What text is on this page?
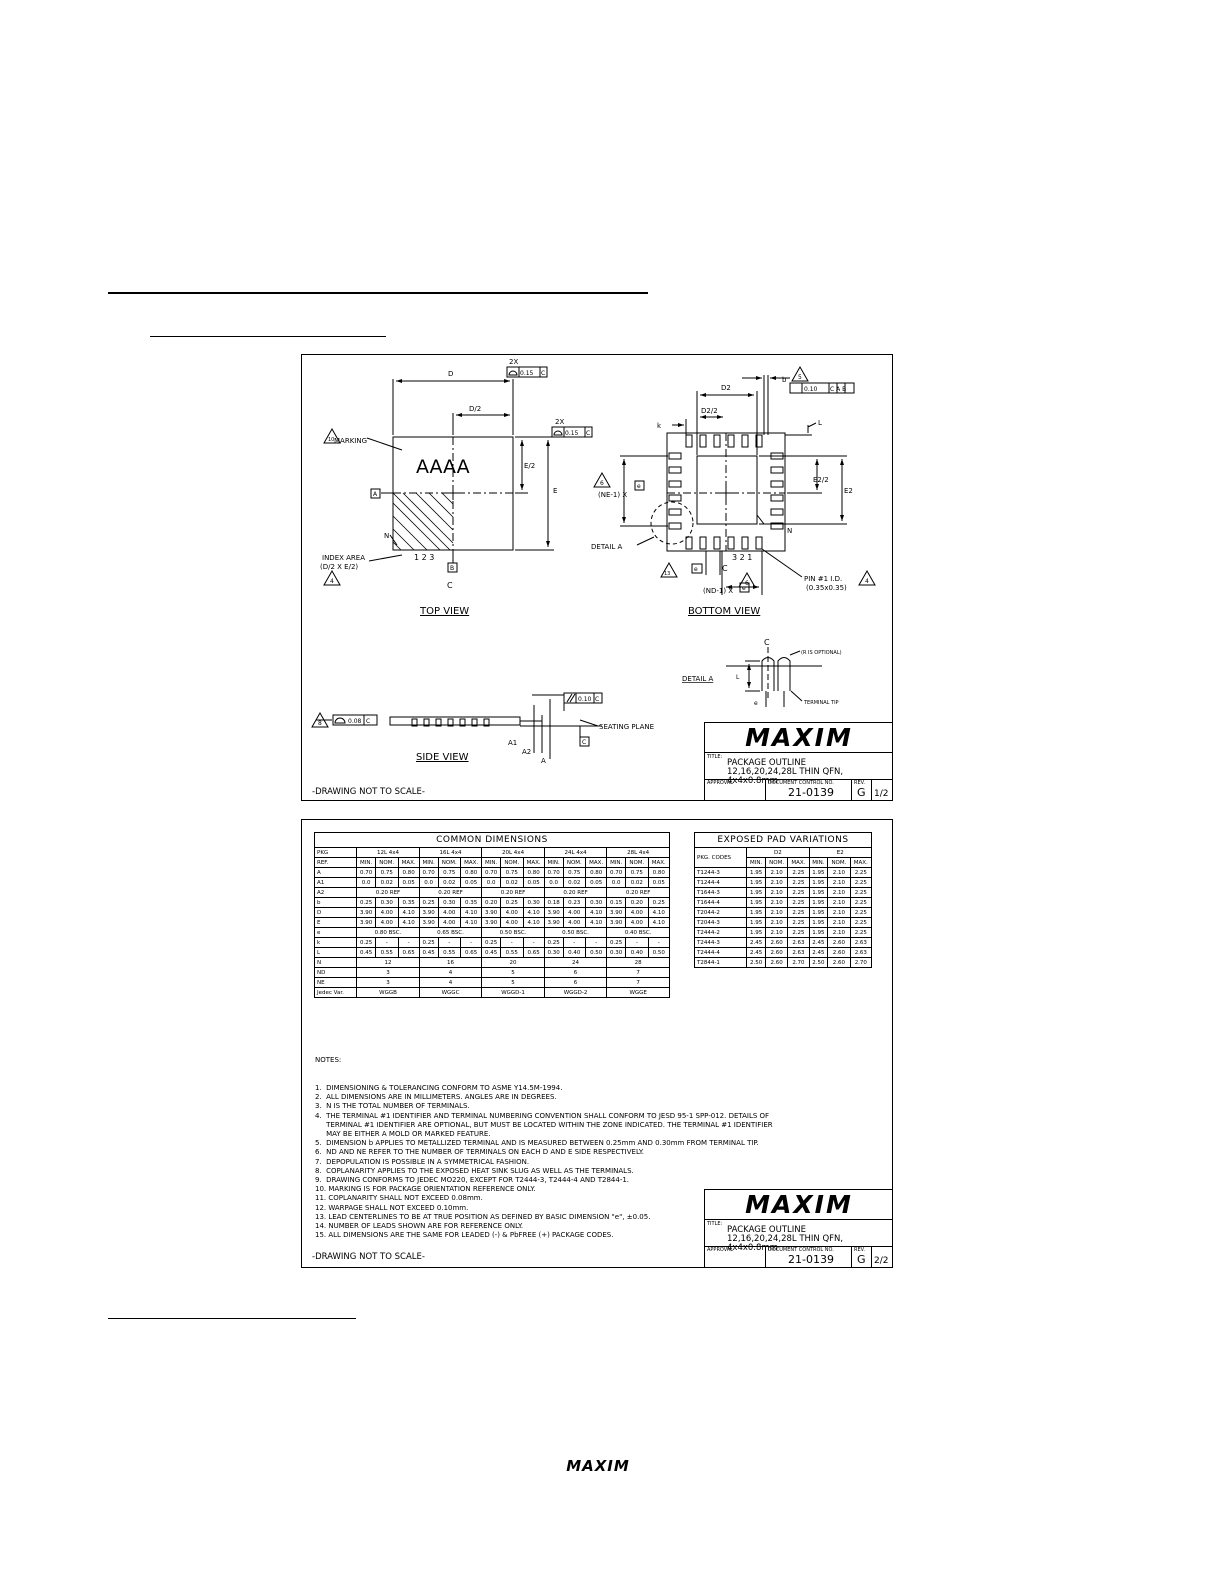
D
D/2
E
E/2
MARKING
AAAA
INDEX AREA
(D/2 X E/2)
A
B
N
1 2 3
C
2X
0.15 C
2X
0.15 C
10
4
TOP VIEW
D2
D2/2
E2
E2/2
b
k	L
(NE-1) X
e
(ND-1) X e
e
N
3 2 1
DETAIL A
PIN #1 I.D.
(0.35x0.35)
0.10 C A B
5
6
6
13
4
C
BOTTOM VIEW
DETAIL A
C
(R IS OPTIONAL)
TERMINAL TIP
L
e
0.08 C
0.10 C
SEATING PLANE
A
A1
A2
C
8
SIDE VIEW
-DRAWING NOT TO SCALE-
MAXIM
TITLE:
PACKAGE OUTLINE
12,16,20,24,28L THIN QFN, 4x4x0.8mm
APPROVAL	DOCUMENT CONTROL NO.
21-0139
REV.
G 1/2
COMMON DIMENSIONS															
PKG	12L 4x4			16L 4x4			20L 4x4			24L 4x4			28L 4x4		
REF.	MIN.	NOM.	MAX.	MIN.	NOM.	MAX.	MIN.	NOM.	MAX.	MIN.	NOM.	MAX.	MIN.	NOM.	MAX.
A	0.70	0.75	0.80	0.70	0.75	0.80	0.70	0.75	0.80	0.70	0.75	0.80	0.70	0.75	0.80
A1	0.0	0.02	0.05	0.0	0.02	0.05	0.0	0.02	0.05	0.0	0.02	0.05	0.0	0.02	0.05
A2	0.20 REF			0.20 REF			0.20 REF			0.20 REF			0.20 REF		
b	0.25	0.30	0.35	0.25	0.30	0.35	0.20	0.25	0.30	0.18	0.23	0.30	0.15	0.20	0.25
D	3.90	4.00	4.10	3.90	4.00	4.10	3.90	4.00	4.10	3.90	4.00	4.10	3.90	4.00	4.10
E	3.90	4.00	4.10	3.90	4.00	4.10	3.90	4.00	4.10	3.90	4.00	4.10	3.90	4.00	4.10
e	0.80 BSC.			0.65 BSC.			0.50 BSC.			0.50 BSC.			0.40 BSC.		
k	0.25	-	-	0.25	-	-	0.25	-	-	0.25	-	-	0.25	-	-
L	0.45	0.55	0.65	0.45	0.55	0.65	0.45	0.55	0.65	0.30	0.40	0.50	0.30	0.40	0.50
N	12			16			20			24			28		
ND	3			4			5			6			7		
NE	3			4			5			6			7		
Jedec Var.	WGGB			WGGC			WGGD-1			WGGD-2			WGGE		
EXPOSED PAD VARIATIONS						
PKG. CODES	D2			E2		
	MIN.	NOM.	MAX.	MIN.	NOM.	MAX.
T1244-3	1.95	2.10	2.25	1.95	2.10	2.25
T1244-4	1.95	2.10	2.25	1.95	2.10	2.25
T1644-3	1.95	2.10	2.25	1.95	2.10	2.25
T1644-4	1.95	2.10	2.25	1.95	2.10	2.25
T2044-2	1.95	2.10	2.25	1.95	2.10	2.25
T2044-3	1.95	2.10	2.25	1.95	2.10	2.25
T2444-2	1.95	2.10	2.25	1.95	2.10	2.25
T2444-3	2.45	2.60	2.63	2.45	2.60	2.63
T2444-4	2.45	2.60	2.63	2.45	2.60	2.63
T2844-1	2.50	2.60	2.70	2.50	2.60	2.70

NOTES:

1.  DIMENSIONING & TOLERANCING CONFORM TO ASME Y14.5M-1994.
2.  ALL DIMENSIONS ARE IN MILLIMETERS. ANGLES ARE IN DEGREES.
3.  N IS THE TOTAL NUMBER OF TERMINALS.
4.  THE TERMINAL #1 IDENTIFIER AND TERMINAL NUMBERING CONVENTION SHALL CONFORM TO JESD 95-1 SPP-012. DETAILS OF
TERMINAL #1 IDENTIFIER ARE OPTIONAL, BUT MUST BE LOCATED WITHIN THE ZONE INDICATED. THE TERMINAL #1 IDENTIFIER
MAY BE EITHER A MOLD OR MARKED FEATURE.
5.  DIMENSION b APPLIES TO METALLIZED TERMINAL AND IS MEASURED BETWEEN 0.25mm AND 0.30mm FROM TERMINAL TIP.
6.  ND AND NE REFER TO THE NUMBER OF TERMINALS ON EACH D AND E SIDE RESPECTIVELY.
7.  DEPOPULATION IS POSSIBLE IN A SYMMETRICAL FASHION.
8.  COPLANARITY APPLIES TO THE EXPOSED HEAT SINK SLUG AS WELL AS THE TERMINALS.
9.  DRAWING CONFORMS TO JEDEC MO220, EXCEPT FOR T2444-3, T2444-4 AND T2844-1.
10. MARKING IS FOR PACKAGE ORIENTATION REFERENCE ONLY.
11. COPLANARITY SHALL NOT EXCEED 0.08mm.
12. WARPAGE SHALL NOT EXCEED 0.10mm.
13. LEAD CENTERLINES TO BE AT TRUE POSITION AS DEFINED BY BASIC DIMENSION "e", ±0.05.
14. NUMBER OF LEADS SHOWN ARE FOR REFERENCE ONLY.
15. ALL DIMENSIONS ARE THE SAME FOR LEADED (-) & PbFREE (+) PACKAGE CODES.

-DRAWING NOT TO SCALE-
MAXIM
TITLE:
PACKAGE OUTLINE
12,16,20,24,28L THIN QFN, 4x4x0.8mm
APPROVAL	DOCUMENT CONTROL NO.
21-0139
REV.
G 2/2
MAXIM
